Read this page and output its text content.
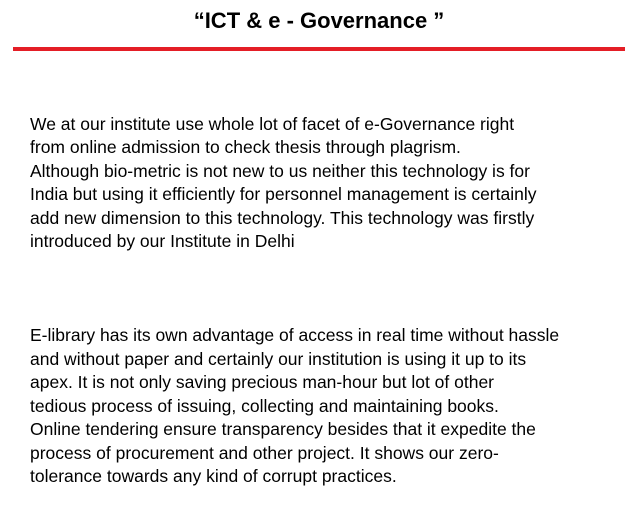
“ICT & e - Governance ”

We at our institute use whole lot of facet of e-Governance right
from online admission to check thesis through plagrism.
Although bio-metric is not new to us neither this technology is for
India but using it efficiently for personnel management is certainly
add new dimension to this technology. This technology was firstly
introduced by our Institute in Delhi

E-library has its own advantage of access in real time without hassle
and without paper and certainly our institution is using it up to its
apex. It is not only saving precious man-hour but lot of other
tedious process of issuing, collecting and maintaining books.
Online tendering ensure transparency besides that it expedite the
process of procurement and other project. It shows our zero-
tolerance towards any kind of corrupt practices.
